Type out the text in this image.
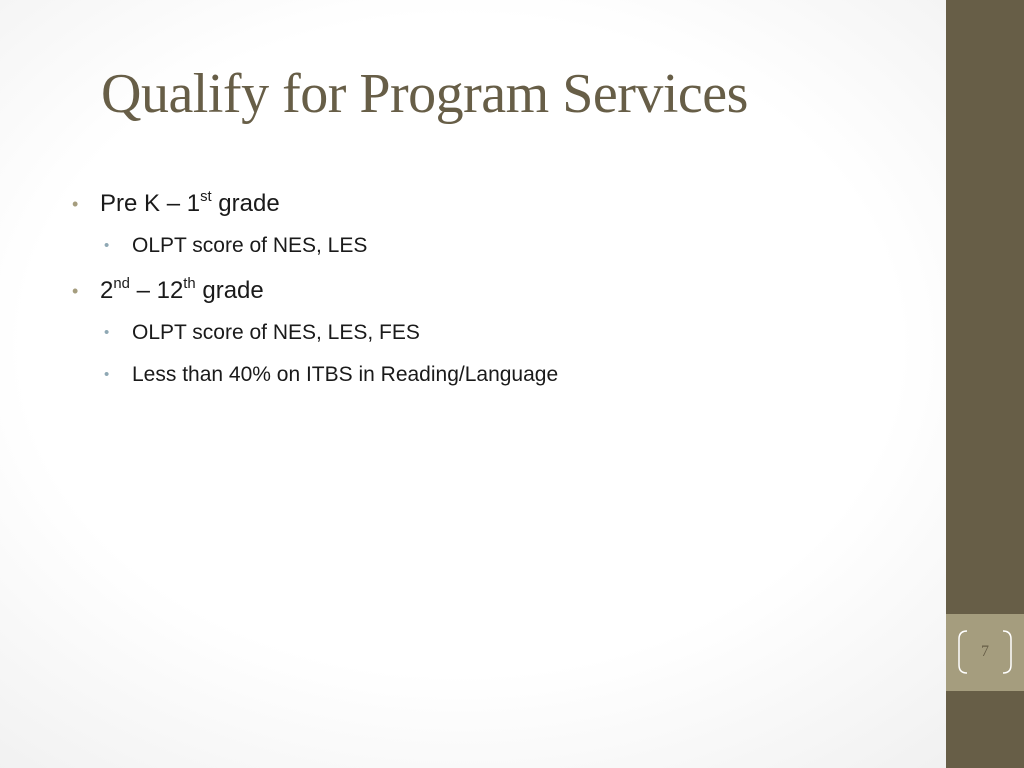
Qualify for Program Services
• Pre K – 1st grade
• OLPT score of NES, LES
• 2nd – 12th grade
• OLPT score of NES, LES, FES
• Less than 40% on ITBS in Reading/Language
7
